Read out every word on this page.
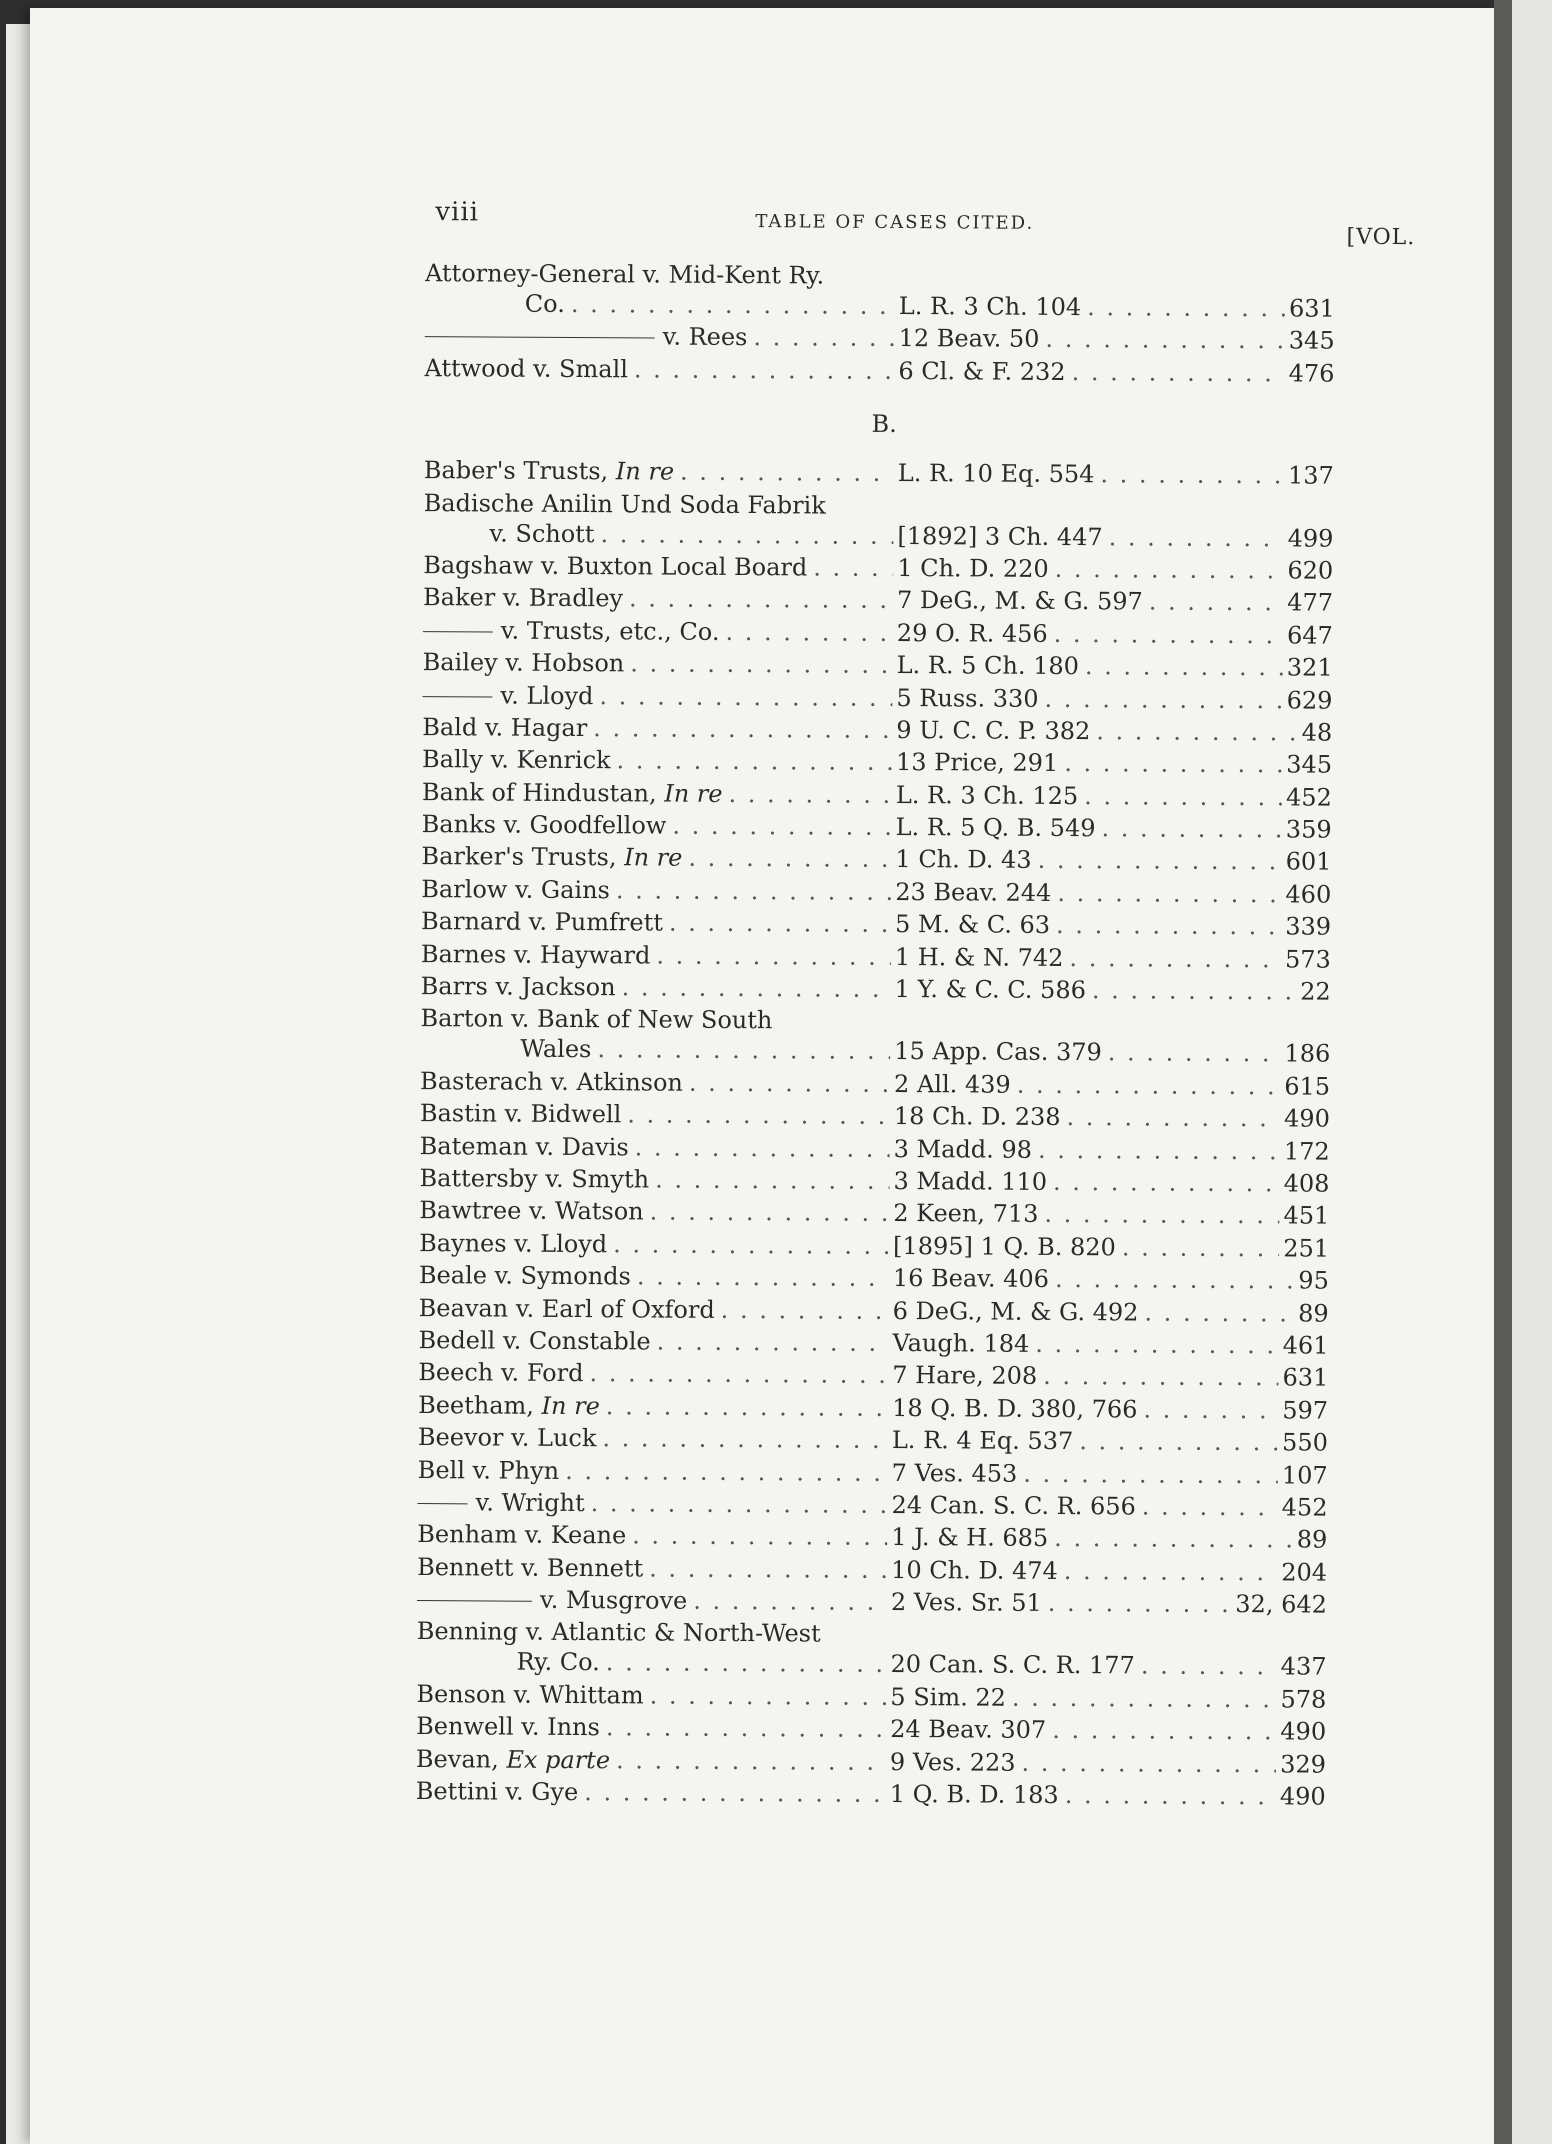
viii	TABLE OF CASES CITED.
[VOL.
Attorney-General v. Mid-Kent Ry.
Co. . . .	L. R. 3 Ch. 104 . . .	631
v. Rees . . .	12 Beav. 50 . . .	345
Attwood v. Small . . .	6 Cl. & F. 232 . . .	476
B.
Baber's Trusts, In re . . .	L. R. 10 Eq. 554 . . .	137
Badische Anilin Und Soda Fabrik
v. Schott . . .	[1892] 3 Ch. 447 . . .	499
Bagshaw v. Buxton Local Board . . .	1 Ch. D. 220 . . .	620
Baker v. Bradley . . .	7 DeG., M. & G. 597 . . .	477
v. Trusts, etc., Co. . . .	29 O. R. 456 . . .	647
Bailey v. Hobson . . .	L. R. 5 Ch. 180 . . .	321
v. Lloyd . . .	5 Russ. 330 . . .	629
Bald v. Hagar . . .	9 U. C. C. P. 382 . . .	48
Bally v. Kenrick . . .	13 Price, 291 . . .	345
Bank of Hindustan, In re . . .	L. R. 3 Ch. 125 . . .	452
Banks v. Goodfellow . . .	L. R. 5 Q. B. 549 . . .	359
Barker's Trusts, In re . . .	1 Ch. D. 43 . . .	601
Barlow v. Gains . . .	23 Beav. 244 . . .	460
Barnard v. Pumfrett . . .	5 M. & C. 63 . . .	339
Barnes v. Hayward . . .	1 H. & N. 742 . . .	573
Barrs v. Jackson . . .	1 Y. & C. C. 586 . . .	22
Barton v. Bank of New South
Wales . . .	15 App. Cas. 379 . . .	186
Basterach v. Atkinson . . .	2 All. 439 . . .	615
Bastin v. Bidwell . . .	18 Ch. D. 238 . . .	490
Bateman v. Davis . . .	3 Madd. 98 . . .	172
Battersby v. Smyth . . .	3 Madd. 110 . . .	408
Bawtree v. Watson . . .	2 Keen, 713 . . .	451
Baynes v. Lloyd . . .	[1895] 1 Q. B. 820 . . .	251
Beale v. Symonds . . .	16 Beav. 406 . . .	95
Beavan v. Earl of Oxford . . .	6 DeG., M. & G. 492 . . .	89
Bedell v. Constable . . .	Vaugh. 184 . . .	461
Beech v. Ford . . .	7 Hare, 208 . . .	631
Beetham, In re . . .	18 Q. B. D. 380, 766 . . .	597
Beevor v. Luck . . .	L. R. 4 Eq. 537 . . .	550
Bell v. Phyn . . .	7 Ves. 453 . . .	107
v. Wright . . .	24 Can. S. C. R. 656 . . .	452
Benham v. Keane . . .	1 J. & H. 685 . . .	89
Bennett v. Bennett . . .	10 Ch. D. 474 . . .	204
v. Musgrove . . .	2 Ves. Sr. 51 . . .	32, 642
Benning v. Atlantic & North-West
Ry. Co. . . .	20 Can. S. C. R. 177 . . .	437
Benson v. Whittam . . .	5 Sim. 22 . . .	578
Benwell v. Inns . . .	24 Beav. 307 . . .	490
Bevan, Ex parte . . .	9 Ves. 223 . . .	329
Bettini v. Gye . . .	1 Q. B. D. 183 . . .	490
